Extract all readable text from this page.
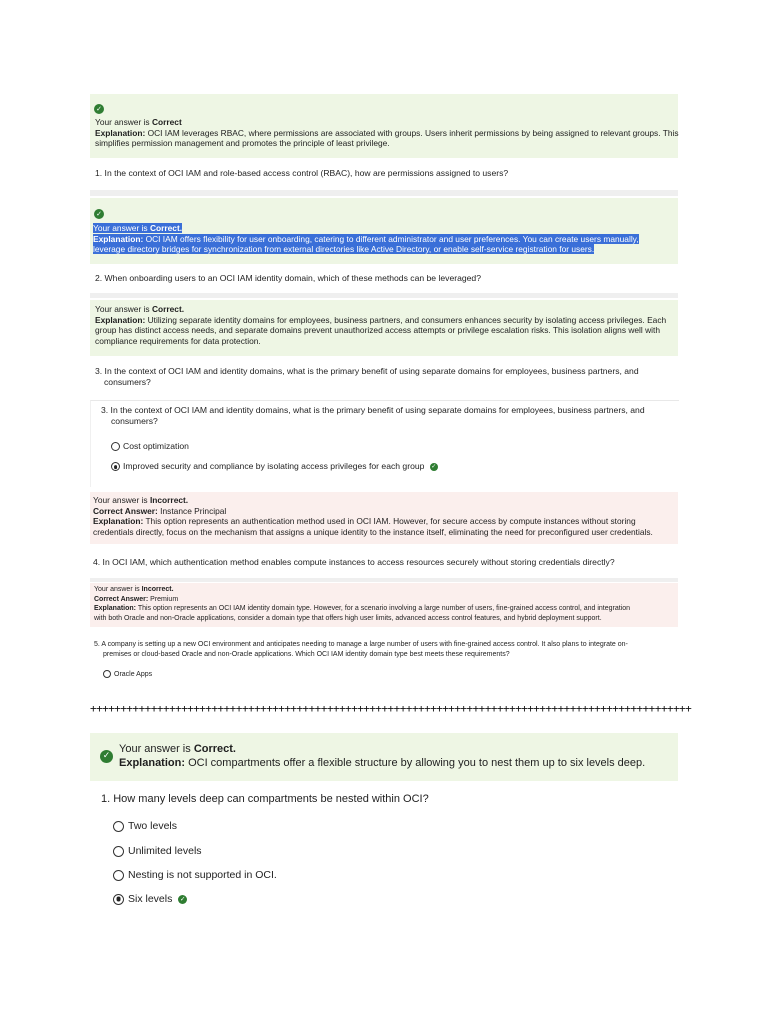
✓
Your answer is Correct
Explanation: OCI IAM leverages RBAC, where permissions are associated with groups. Users inherit permissions by being assigned to relevant groups. This
simplifies permission management and promotes the principle of least privilege.
1. In the context of OCI IAM and role-based access control (RBAC), how are permissions assigned to users?
✓
Your answer is Correct.
Explanation: OCI IAM offers flexibility for user onboarding, catering to different administrator and user preferences. You can create users manually,
leverage directory bridges for synchronization from external directories like Active Directory, or enable self-service registration for users.
2. When onboarding users to an OCI IAM identity domain, which of these methods can be leveraged?
Your answer is Correct.
Explanation: Utilizing separate identity domains for employees, business partners, and consumers enhances security by isolating access privileges. Each
group has distinct access needs, and separate domains prevent unauthorized access attempts or privilege escalation risks. This isolation aligns well with
compliance requirements for data protection.
3. In the context of OCI IAM and identity domains, what is the primary benefit of using separate domains for employees, business partners, and
consumers?
3. In the context of OCI IAM and identity domains, what is the primary benefit of using separate domains for employees, business partners, and
consumers?
Cost optimization
Improved security and compliance by isolating access privileges for each group ✓
Your answer is Incorrect.
Correct Answer: Instance Principal
Explanation: This option represents an authentication method used in OCI IAM. However, for secure access by compute instances without storing
credentials directly, focus on the mechanism that assigns a unique identity to the instance itself, eliminating the need for preconfigured user credentials.
4. In OCI IAM, which authentication method enables compute instances to access resources securely without storing credentials directly?
Your answer is Incorrect.
Correct Answer: Premium
Explanation: This option represents an OCI IAM identity domain type. However, for a scenario involving a large number of users, fine-grained access control, and integration
with both Oracle and non-Oracle applications, consider a domain type that offers high user limits, advanced access control features, and hybrid deployment support.
5. A company is setting up a new OCI environment and anticipates needing to manage a large number of users with fine-grained access control. It also plans to integrate on-
premises or cloud-based Oracle and non-Oracle applications. Which OCI IAM identity domain type best meets these requirements?
Oracle Apps
+++++++++++++++++++++++++++++++++++++++++++++++++++++++++++++++++++++++++++++++++++++++++++++++++++
✓
Your answer is Correct.
Explanation: OCI compartments offer a flexible structure by allowing you to nest them up to six levels deep.
1. How many levels deep can compartments be nested within OCI?
Two levels
Unlimited levels
Nesting is not supported in OCI.
Six levels ✓
